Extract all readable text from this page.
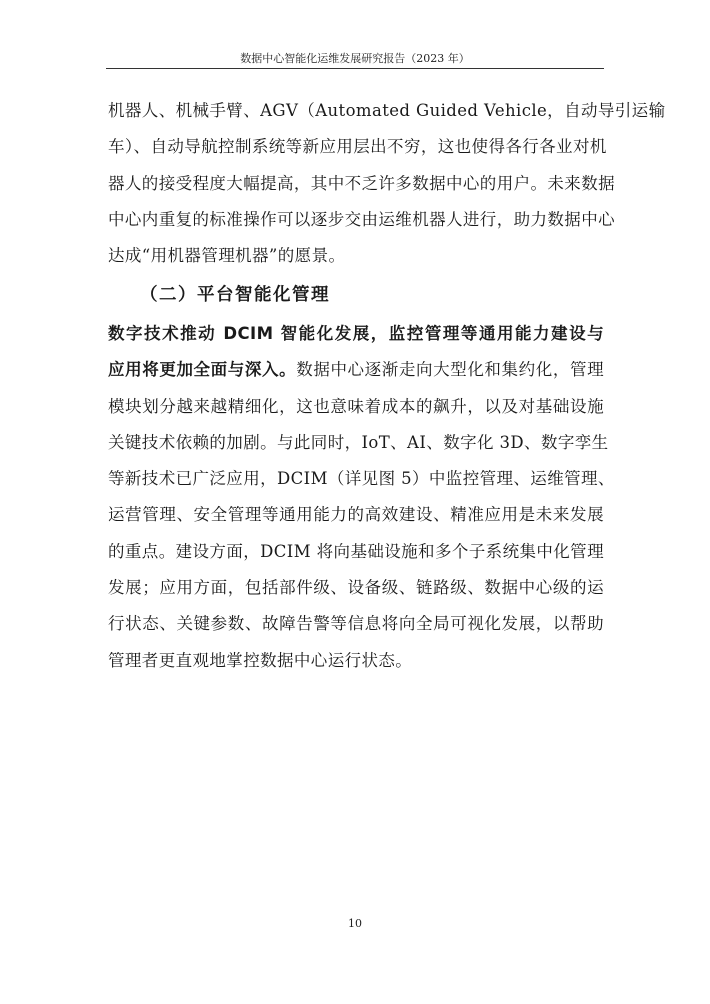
数据中心智能化运维发展研究报告（2023 年）

机器人、机械手臂、AGV（Automated Guided Vehicle，自动导引运输
车）、自动导航控制系统等新应用层出不穷，这也使得各行各业对机
器人的接受程度大幅提高，其中不乏许多数据中心的用户。未来数据
中心内重复的标准操作可以逐步交由运维机器人进行，助力数据中心
达成“用机器管理机器”的愿景。

（二）平台智能化管理

数字技术推动 DCIM 智能化发展，监控管理等通用能力建设与
应用将更加全面与深入。数据中心逐渐走向大型化和集约化，管理
模块划分越来越精细化，这也意味着成本的飙升，以及对基础设施
关键技术依赖的加剧。与此同时，IoT、AI、数字化 3D、数字孪生
等新技术已广泛应用，DCIM（详见图 5）中监控管理、运维管理、
运营管理、安全管理等通用能力的高效建设、精准应用是未来发展
的重点。建设方面，DCIM 将向基础设施和多个子系统集中化管理
发展；应用方面，包括部件级、设备级、链路级、数据中心级的运
行状态、关键参数、故障告警等信息将向全局可视化发展，以帮助
管理者更直观地掌控数据中心运行状态。

10
